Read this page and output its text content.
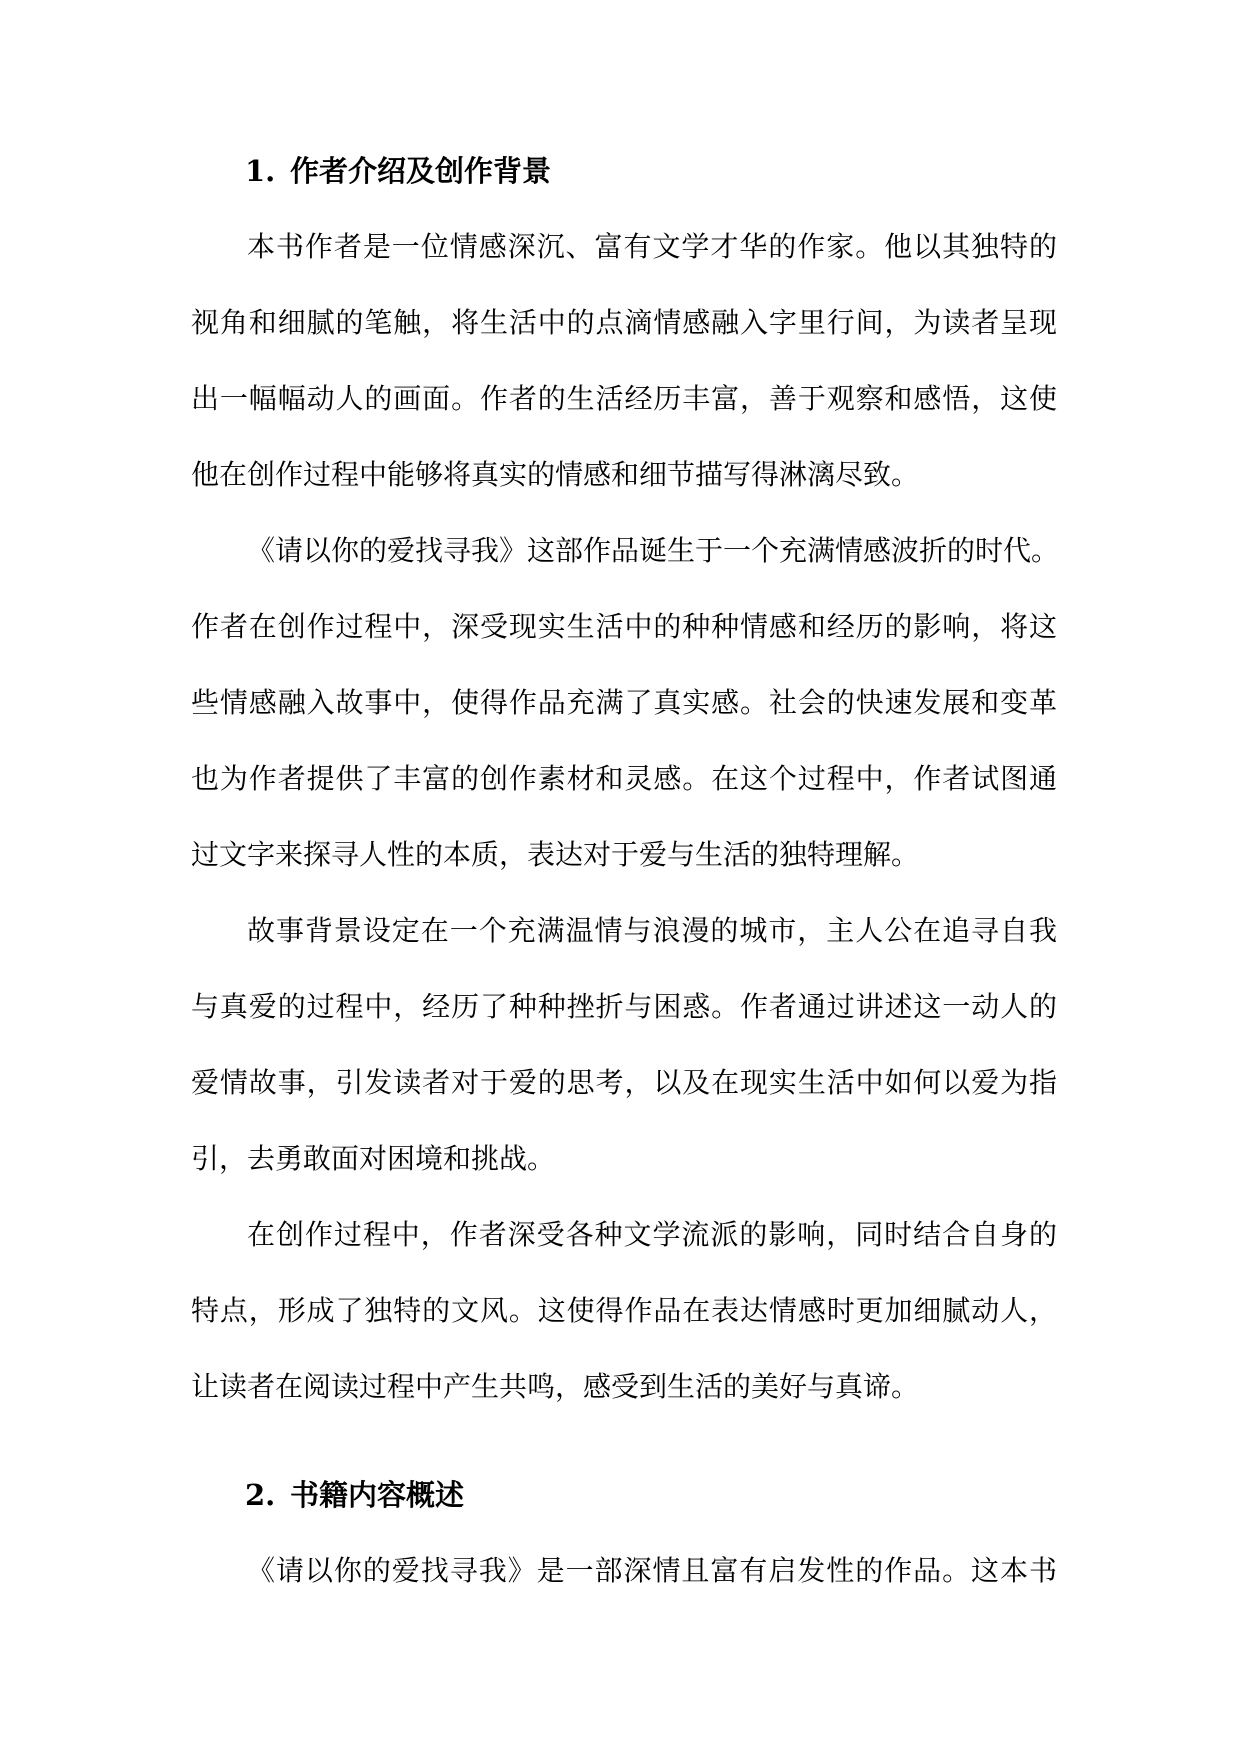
1. 作者介绍及创作背景
本书作者是一位情感深沉、富有文学才华的作家。他以其独特的
视角和细腻的笔触，将生活中的点滴情感融入字里行间，为读者呈现
出一幅幅动人的画面。作者的生活经历丰富，善于观察和感悟，这使
他在创作过程中能够将真实的情感和细节描写得淋漓尽致。
《请以你的爱找寻我》这部作品诞生于一个充满情感波折的时代。
作者在创作过程中，深受现实生活中的种种情感和经历的影响，将这
些情感融入故事中，使得作品充满了真实感。社会的快速发展和变革
也为作者提供了丰富的创作素材和灵感。在这个过程中，作者试图通
过文字来探寻人性的本质，表达对于爱与生活的独特理解。
故事背景设定在一个充满温情与浪漫的城市，主人公在追寻自我
与真爱的过程中，经历了种种挫折与困惑。作者通过讲述这一动人的
爱情故事，引发读者对于爱的思考，以及在现实生活中如何以爱为指
引，去勇敢面对困境和挑战。
在创作过程中，作者深受各种文学流派的影响，同时结合自身的
特点，形成了独特的文风。这使得作品在表达情感时更加细腻动人，
让读者在阅读过程中产生共鸣，感受到生活的美好与真谛。
2. 书籍内容概述
《请以你的爱找寻我》是一部深情且富有启发性的作品。这本书
